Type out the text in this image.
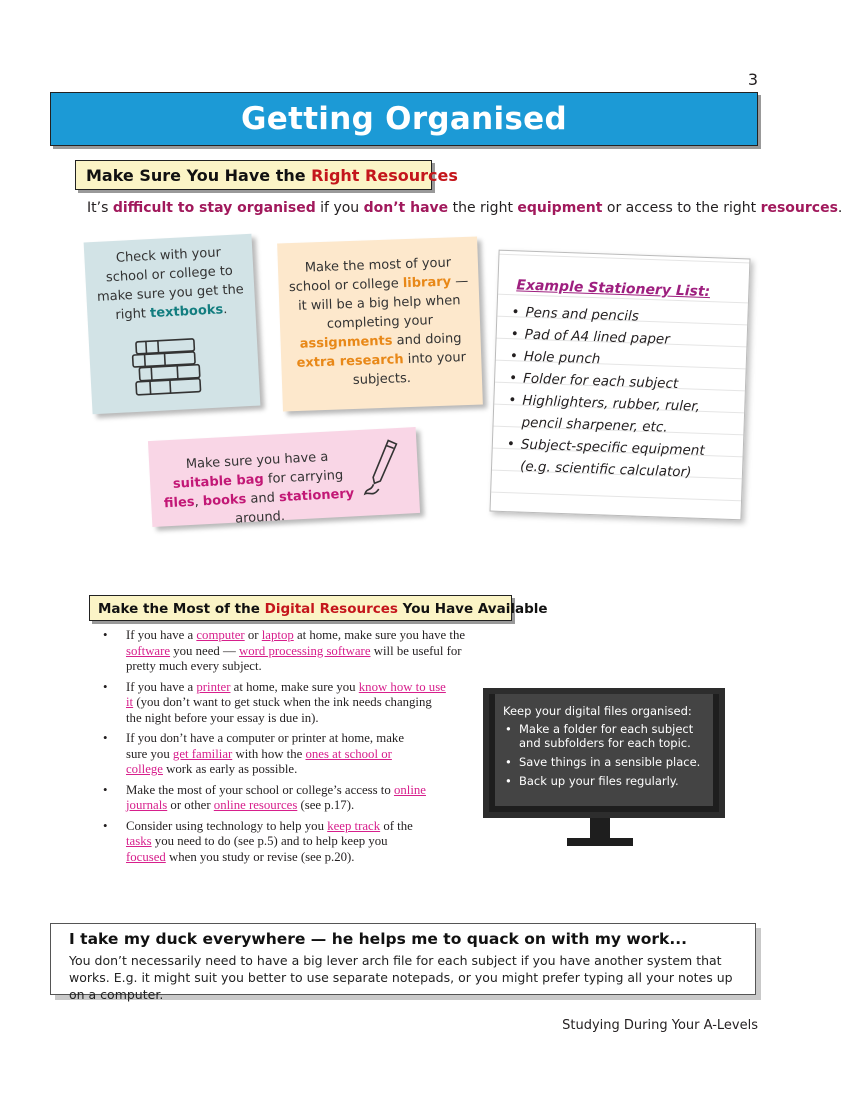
3
Getting Organised
Make Sure You Have the Right Resources
It’s difficult to stay organised if you don’t have the right equipment or access to the right resources.
Check with your school or college to make sure you get the right textbooks.
Make the most of your school or college library — it will be a big help when completing your assignments and doing extra research into your subjects.
Make sure you have a suitable bag for carrying files, books and stationery around.
Example Stationery List:
• Pens and pencils
• Pad of A4 lined paper
• Hole punch
• Folder for each subject
• Highlighters, rubber, ruler, pencil sharpener, etc.
• Subject-specific equipment (e.g. scientific calculator)
Make the Most of the Digital Resources You Have Available
• If you have a computer or laptop at home, make sure you have the software you need — word processing software will be useful for pretty much every subject.
• If you have a printer at home, make sure you know how to use it (you don’t want to get stuck when the ink needs changing the night before your essay is due in).
• If you don’t have a computer or printer at home, make sure you get familiar with how the ones at school or college work as early as possible.
• Make the most of your school or college’s access to online journals or other online resources (see p.17).
• Consider using technology to help you keep track of the tasks you need to do (see p.5) and to help keep you focused when you study or revise (see p.20).
Keep your digital files organised:
• Make a folder for each subject and subfolders for each topic.
• Save things in a sensible place.
• Back up your files regularly.
I take my duck everywhere — he helps me to quack on with my work...
You don’t necessarily need to have a big lever arch file for each subject if you have another system that works. E.g. it might suit you better to use separate notepads, or you might prefer typing all your notes up on a computer.
Studying During Your A-Levels
